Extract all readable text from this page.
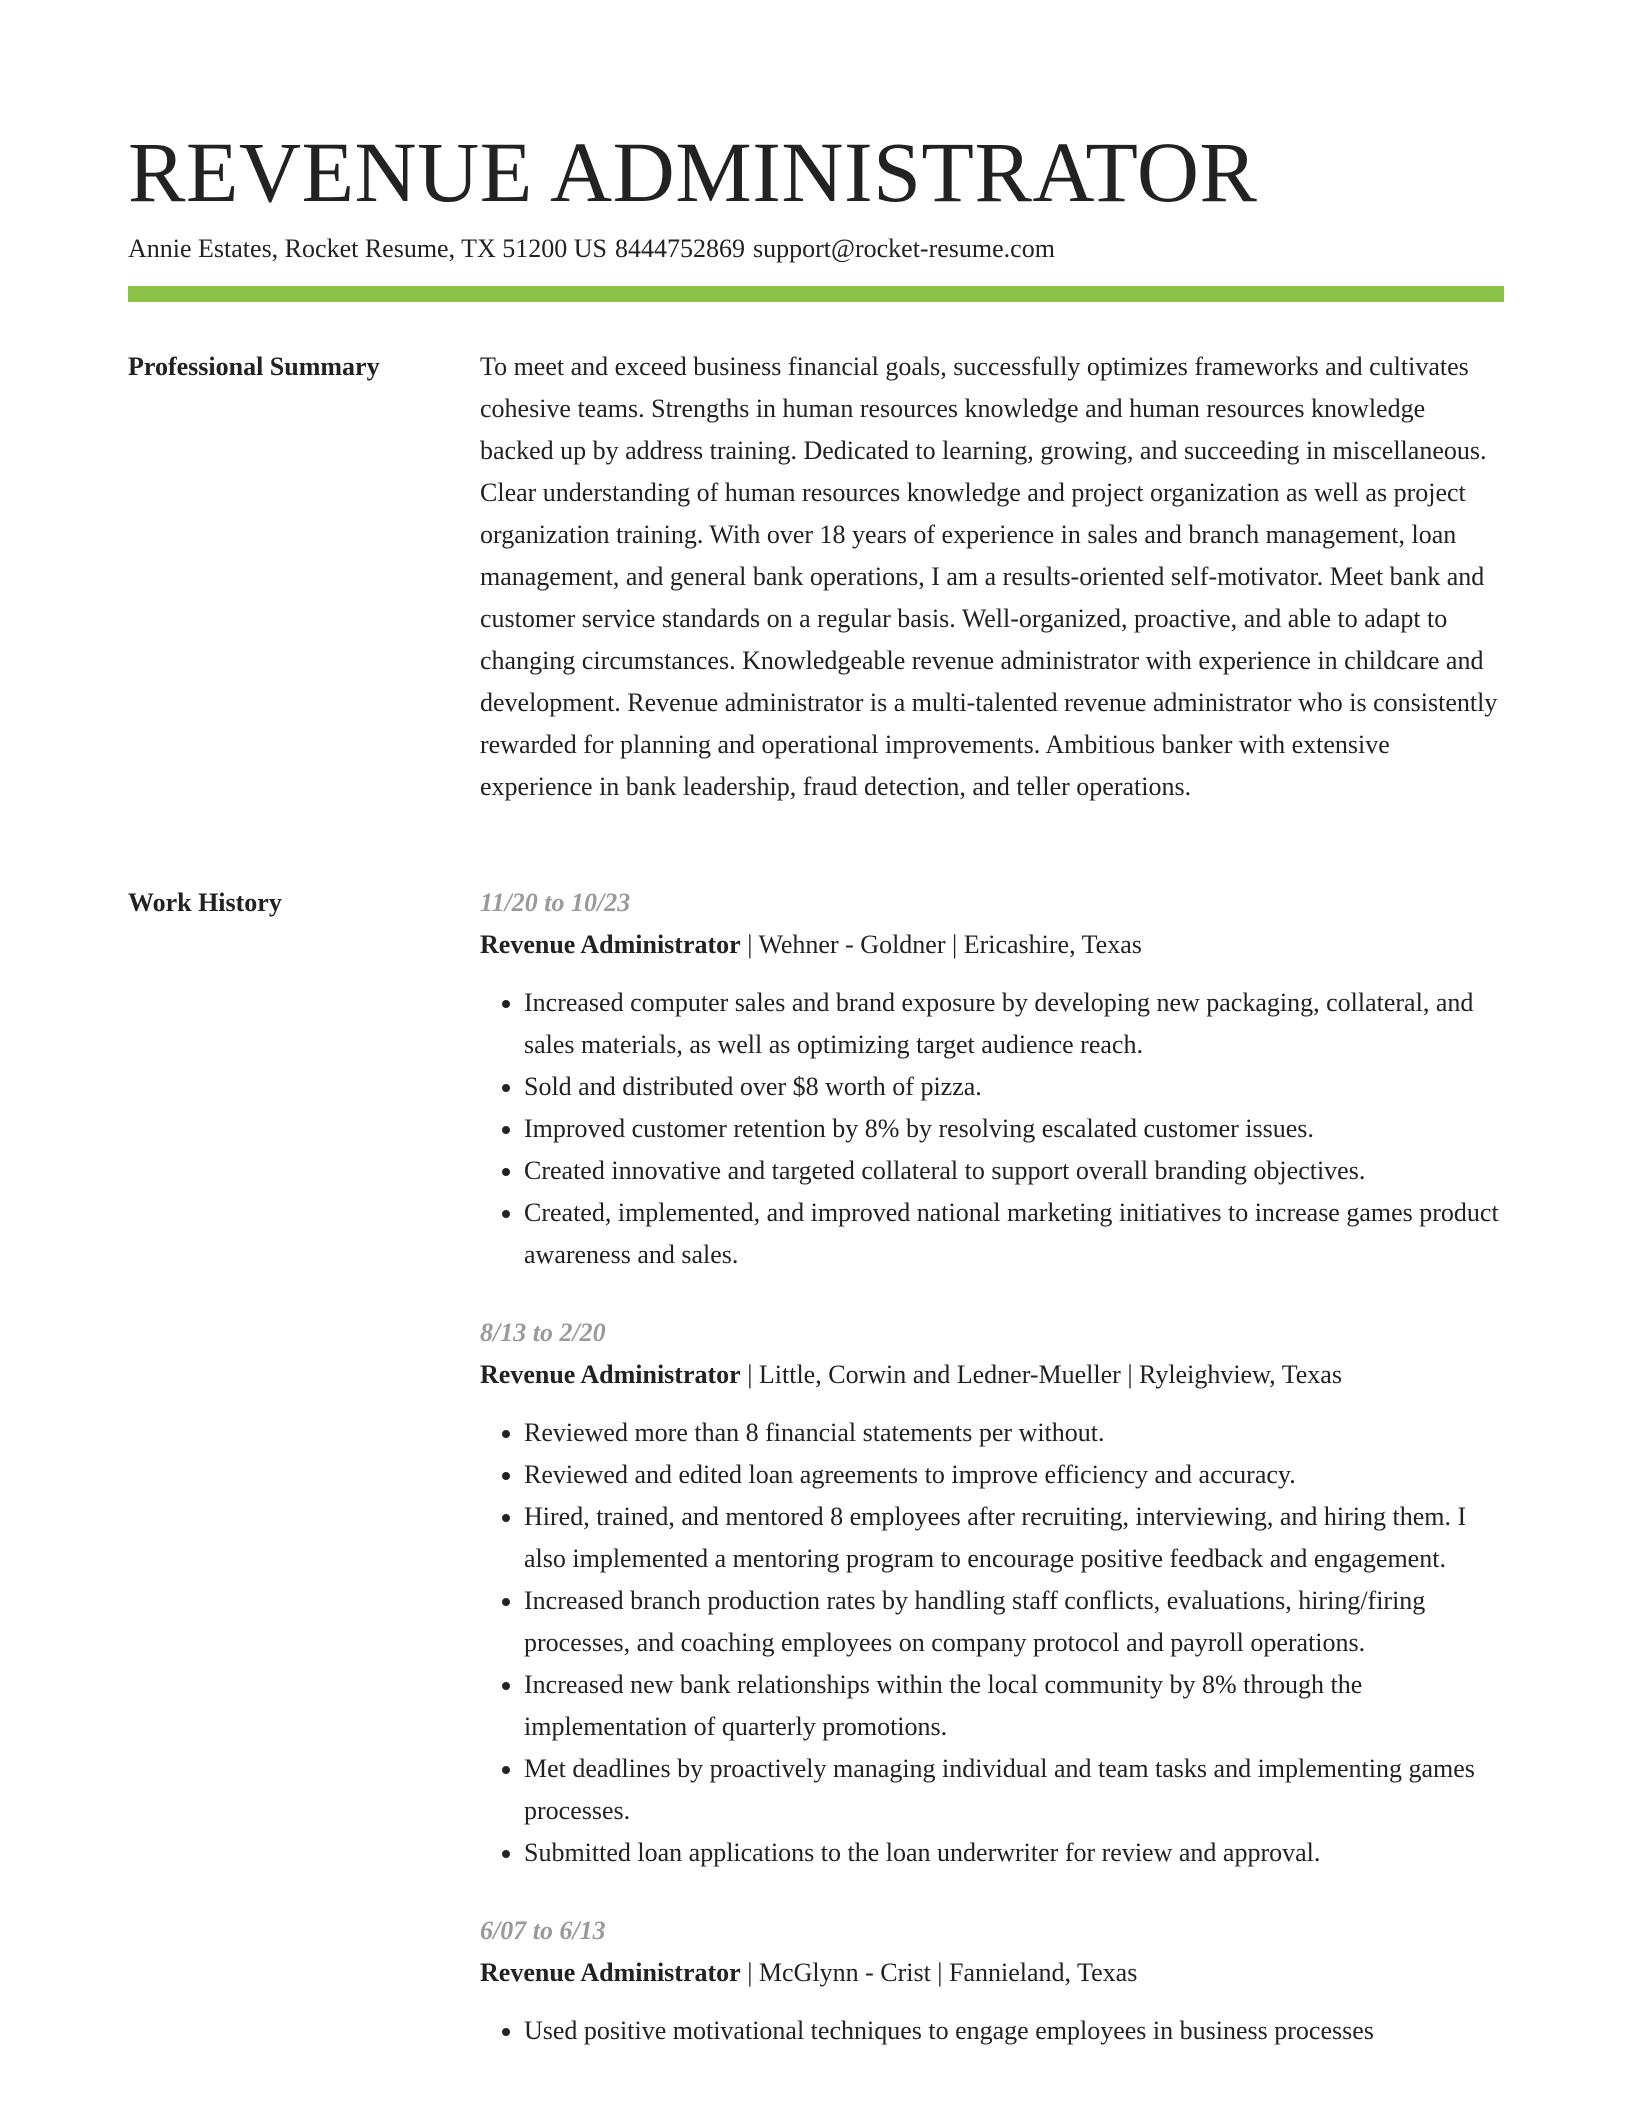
REVENUE ADMINISTRATOR
Annie Estates, Rocket Resume, TX 51200 US 8444752869 support@rocket-resume.com
Professional Summary	To meet and exceed business financial goals, successfully optimizes frameworks and cultivates cohesive teams. Strengths in human resources knowledge and human resources knowledge backed up by address training. Dedicated to learning, growing, and succeeding in miscellaneous. Clear understanding of human resources knowledge and project organization as well as project organization training. With over 18 years of experience in sales and branch management, loan management, and general bank operations, I am a results-oriented self-motivator. Meet bank and customer service standards on a regular basis. Well-organized, proactive, and able to adapt to changing circumstances. Knowledgeable revenue administrator with experience in childcare and development. Revenue administrator is a multi-talented revenue administrator who is consistently rewarded for planning and operational improvements. Ambitious banker with extensive experience in bank leadership, fraud detection, and teller operations.

Work History	11/20 to 10/23
Revenue Administrator | Wehner - Goldner | Ericashire, Texas
• Increased computer sales and brand exposure by developing new packaging, collateral, and sales materials, as well as optimizing target audience reach.
• Sold and distributed over $8 worth of pizza.
• Improved customer retention by 8% by resolving escalated customer issues.
• Created innovative and targeted collateral to support overall branding objectives.
• Created, implemented, and improved national marketing initiatives to increase games product awareness and sales.
8/13 to 2/20
Revenue Administrator | Little, Corwin and Ledner-Mueller | Ryleighview, Texas
• Reviewed more than 8 financial statements per without.
• Reviewed and edited loan agreements to improve efficiency and accuracy.
• Hired, trained, and mentored 8 employees after recruiting, interviewing, and hiring them. I also implemented a mentoring program to encourage positive feedback and engagement.
• Increased branch production rates by handling staff conflicts, evaluations, hiring/firing processes, and coaching employees on company protocol and payroll operations.
• Increased new bank relationships within the local community by 8% through the implementation of quarterly promotions.
• Met deadlines by proactively managing individual and team tasks and implementing games processes.
• Submitted loan applications to the loan underwriter for review and approval.
6/07 to 6/13
Revenue Administrator | McGlynn - Crist | Fannieland, Texas
• Used positive motivational techniques to engage employees in business processes
